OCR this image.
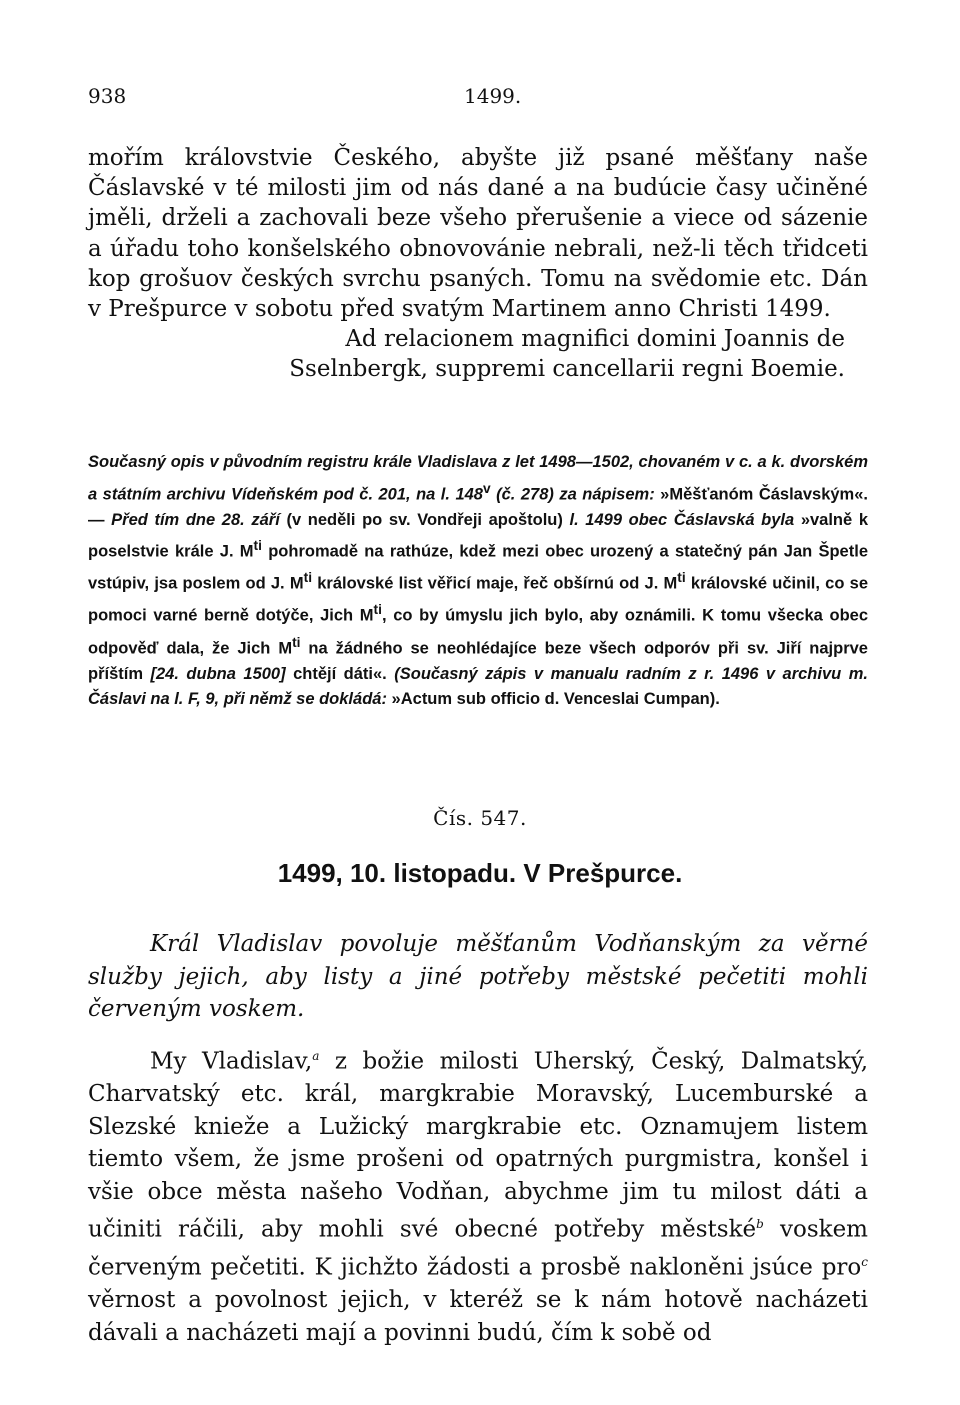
938	1499.

mořím královstvie Českého, abyšte již psané měšťany naše Čáslavské v té milosti jim od nás dané a na budúcie časy učiněné jměli, drželi a zachovali beze všeho přerušenie a viece od sázenie a úřadu toho konšelského obnovovánie nebrali, než-li těch třidceti kop grošuov českých svrchu psaných. Tomu na svědomie etc. Dán v Prešpurce v sobotu před svatým Martinem anno Christi 1499.
Ad relacionem magnifici domini Joannis de
Sselnbergk, suppremi cancellarii regni Boemie.

Současný opis v původním registru krále Vladislava z let 1498—1502, chovaném v c. a k. dvorském a státním archivu Vídeňském pod č. 201, na l. 148$^v$ (č. 278) za nápisem: »Měšťanóm Čáslavským«. — Před tím dne 28. září (v neděli po sv. Vondřeji apoštolu) l. 1499 obec Čáslavská byla »valně k poselstvie krále J. $M^{ti}$ pohromadě na rathúze, kdež mezi obec urozený a statečný pán Jan Špetle vstúpiv, jsa poslem od J. $M^{ti}$ královské list věřicí maje, řeč obšírnú od J. $M^{ti}$ královské učinil, co se pomoci varné berně dotýče, Jich $M^{ti}$, co by úmyslu jich bylo, aby oznámili. K tomu všecka obec odpověď dala, že Jich $M^{ti}$ na žádného se neohlédajíce beze všech odporóv při sv. Jiří najprve příštím [24. dubna 1500] chtějí dáti«. (Současný zápis v manualu radním z r. 1496 v archivu m. Čáslavi na l. F, 9, při němž se dokládá: »Actum sub officio d. Venceslai Cumpan).

Čís. 547.
1499, 10. listopadu. V Prešpurce.

Král Vladislav povoluje měšťanům Vodňanským za věrné služby jejich, aby listy a jiné potřeby městské pečetiti mohli červeným voskem.

My Vladislav,$^a$ z božie milosti Uherský, Český, Dalmatský, Charvatský etc. král, margkrabie Moravský, Lucemburské a Slezské knieže a Lužický margkrabie etc. Oznamujem listem tiemto všem, že jsme prošeni od opatrných purgmistra, konšel i všie obce města našeho Vodňan, abychme jim tu milost dáti a učiniti ráčili, aby mohli své obecné potřeby městské$^b$ voskem červeným pečetiti. K jichžto žádosti a prosbě nakloněni jsúce pro$^c$ věrnost a povolnost jejich, v kteréž se k nám hotově nacházeti dávali a nacházeti mají a povinni budú, čím k sobě od
